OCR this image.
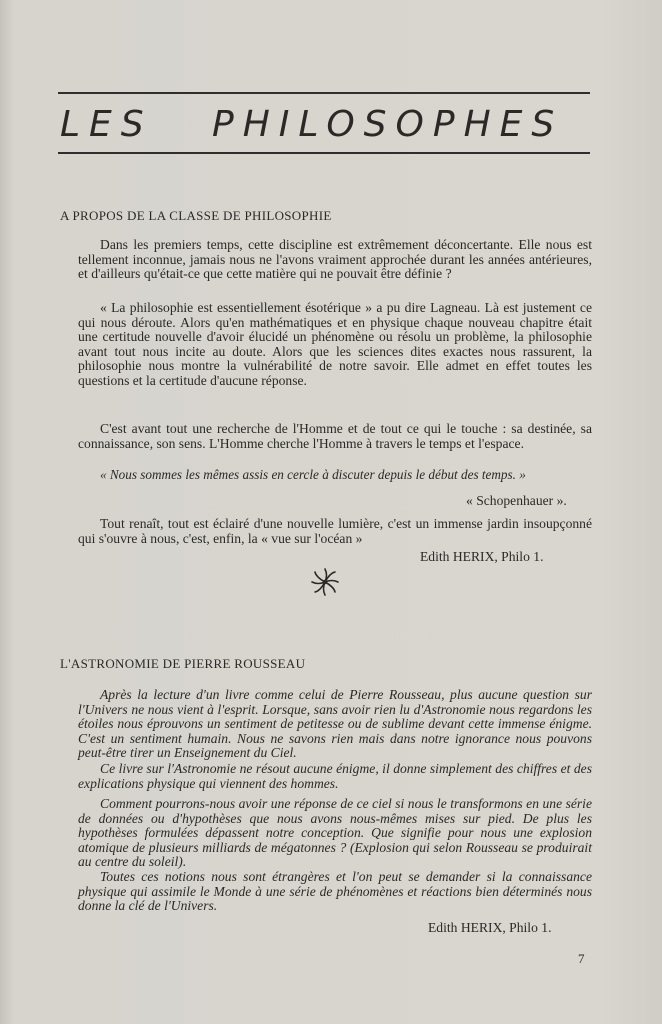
LES PHILOSOPHES
A PROPOS DE LA CLASSE DE PHILOSOPHIE
Dans les premiers temps, cette discipline est extrêmement déconcertante. Elle nous est tellement inconnue, jamais nous ne l'avons vraiment approchée durant les années antérieures, et d'ailleurs qu'était-ce que cette matière qui ne pouvait être définie ?
« La philosophie est essentiellement ésotérique » a pu dire Lagneau. Là est justement ce qui nous déroute. Alors qu'en mathématiques et en physique chaque nouveau chapitre était une certitude nouvelle d'avoir élucidé un phénomène ou résolu un problème, la philosophie avant tout nous incite au doute. Alors que les sciences dites exactes nous rassurent, la philosophie nous montre la vulnérabilité de notre savoir. Elle admet en effet toutes les questions et la certitude d'aucune réponse.
C'est avant tout une recherche de l'Homme et de tout ce qui le touche : sa destinée, sa connaissance, son sens. L'Homme cherche l'Homme à travers le temps et l'espace.
« Nous sommes les mêmes assis en cercle à discuter depuis le début des temps. »
« Schopenhauer ».
Tout renaît, tout est éclairé d'une nouvelle lumière, c'est un immense jardin insoupçonné qui s'ouvre à nous, c'est, enfin, la « vue sur l'océan »
Edith HERIX, Philo 1.
L'ASTRONOMIE DE PIERRE ROUSSEAU
Après la lecture d'un livre comme celui de Pierre Rousseau, plus aucune question sur l'Univers ne nous vient à l'esprit. Lorsque, sans avoir rien lu d'Astronomie nous regardons les étoiles nous éprouvons un sentiment de petitesse ou de sublime devant cette immense énigme. C'est un sentiment humain. Nous ne savons rien mais dans notre ignorance nous pouvons peut-être tirer un Enseignement du Ciel.
Ce livre sur l'Astronomie ne résout aucune énigme, il donne simplement des chiffres et des explications physique qui viennent des hommes.
Comment pourrons-nous avoir une réponse de ce ciel si nous le transformons en une série de données ou d'hypothèses que nous avons nous-mêmes mises sur pied. De plus les hypothèses formulées dépassent notre conception. Que signifie pour nous une explosion atomique de plusieurs milliards de mégatonnes ? (Explosion qui selon Rousseau se produirait au centre du soleil).
Toutes ces notions nous sont étrangères et l'on peut se demander si la connaissance physique qui assimile le Monde à une série de phénomènes et réactions bien déterminés nous donne la clé de l'Univers.
Edith HERIX, Philo 1.
7
